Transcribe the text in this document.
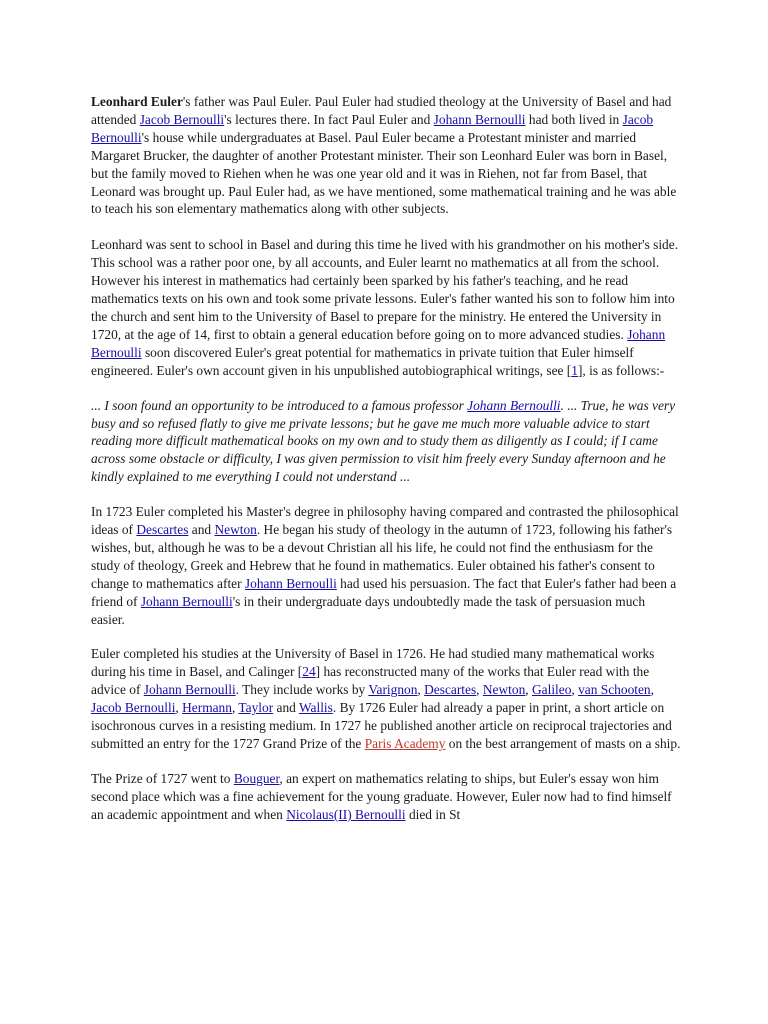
Leonhard Euler's father was Paul Euler. Paul Euler had studied theology at the University of Basel and had attended Jacob Bernoulli's lectures there. In fact Paul Euler and Johann Bernoulli had both lived in Jacob Bernoulli's house while undergraduates at Basel. Paul Euler became a Protestant minister and married Margaret Brucker, the daughter of another Protestant minister. Their son Leonhard Euler was born in Basel, but the family moved to Riehen when he was one year old and it was in Riehen, not far from Basel, that Leonard was brought up. Paul Euler had, as we have mentioned, some mathematical training and he was able to teach his son elementary mathematics along with other subjects.

Leonhard was sent to school in Basel and during this time he lived with his grandmother on his mother's side. This school was a rather poor one, by all accounts, and Euler learnt no mathematics at all from the school. However his interest in mathematics had certainly been sparked by his father's teaching, and he read mathematics texts on his own and took some private lessons. Euler's father wanted his son to follow him into the church and sent him to the University of Basel to prepare for the ministry. He entered the University in 1720, at the age of 14, first to obtain a general education before going on to more advanced studies. Johann Bernoulli soon discovered Euler's great potential for mathematics in private tuition that Euler himself engineered. Euler's own account given in his unpublished autobiographical writings, see [1], is as follows:-

... I soon found an opportunity to be introduced to a famous professor Johann Bernoulli. ... True, he was very busy and so refused flatly to give me private lessons; but he gave me much more valuable advice to start reading more difficult mathematical books on my own and to study them as diligently as I could; if I came across some obstacle or difficulty, I was given permission to visit him freely every Sunday afternoon and he kindly explained to me everything I could not understand ...

In 1723 Euler completed his Master's degree in philosophy having compared and contrasted the philosophical ideas of Descartes and Newton. He began his study of theology in the autumn of 1723, following his father's wishes, but, although he was to be a devout Christian all his life, he could not find the enthusiasm for the study of theology, Greek and Hebrew that he found in mathematics. Euler obtained his father's consent to change to mathematics after Johann Bernoulli had used his persuasion. The fact that Euler's father had been a friend of Johann Bernoulli's in their undergraduate days undoubtedly made the task of persuasion much easier.

Euler completed his studies at the University of Basel in 1726. He had studied many mathematical works during his time in Basel, and Calinger [24] has reconstructed many of the works that Euler read with the advice of Johann Bernoulli. They include works by Varignon, Descartes, Newton, Galileo, van Schooten, Jacob Bernoulli, Hermann, Taylor and Wallis. By 1726 Euler had already a paper in print, a short article on isochronous curves in a resisting medium. In 1727 he published another article on reciprocal trajectories and submitted an entry for the 1727 Grand Prize of the Paris Academy on the best arrangement of masts on a ship.

The Prize of 1727 went to Bouguer, an expert on mathematics relating to ships, but Euler's essay won him second place which was a fine achievement for the young graduate. However, Euler now had to find himself an academic appointment and when Nicolaus(II) Bernoulli died in St
